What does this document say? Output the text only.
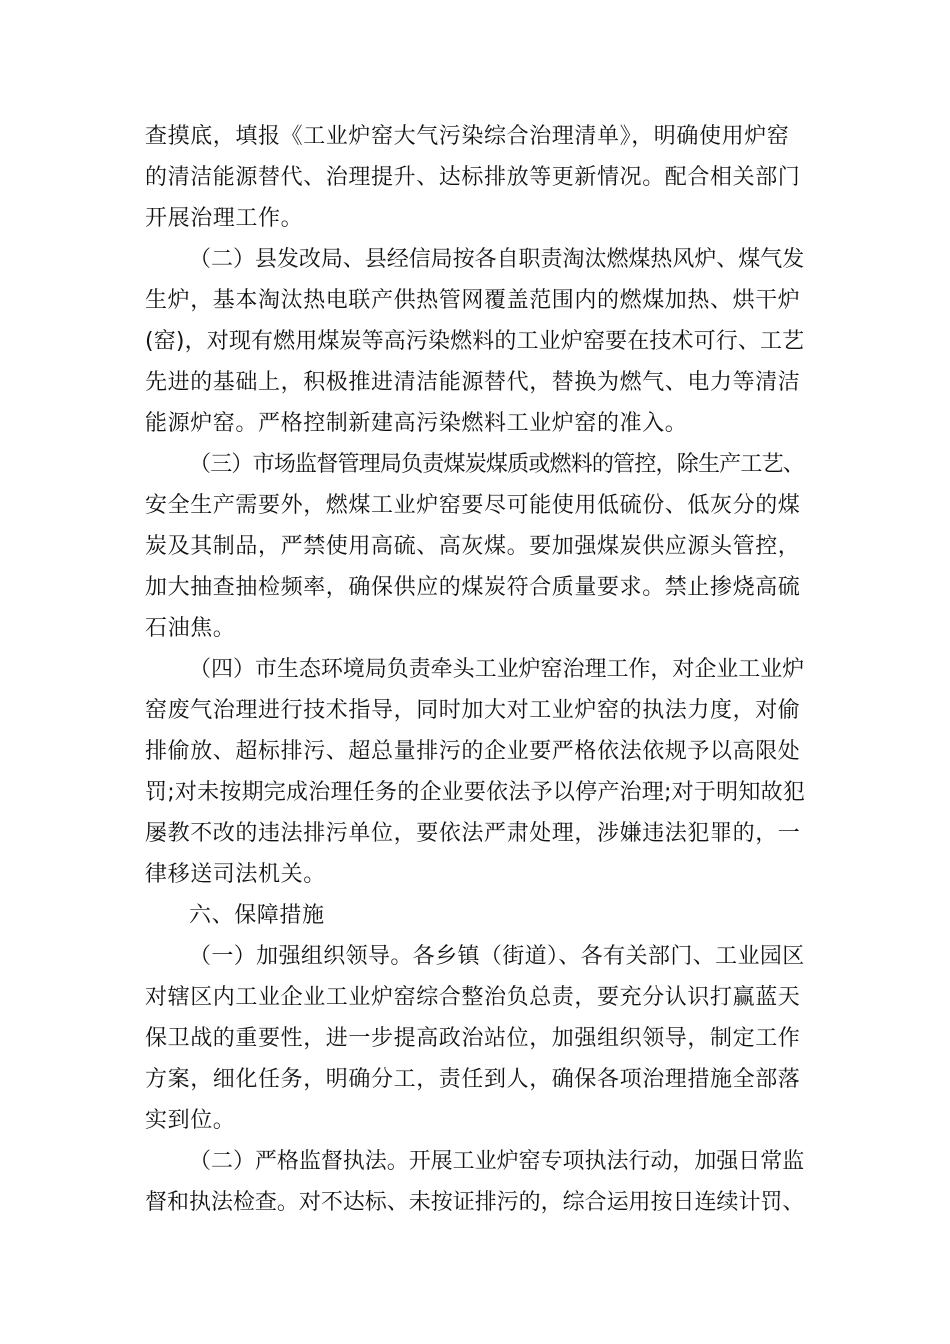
查摸底，填报《工业炉窑大气污染综合治理清单》，明确使用炉窑
的清洁能源替代、治理提升、达标排放等更新情况。配合相关部门
开展治理工作。
（二）县发改局、县经信局按各自职责淘汰燃煤热风炉、煤气发
生炉，基本淘汰热电联产供热管网覆盖范围内的燃煤加热、烘干炉
(窑)，对现有燃用煤炭等高污染燃料的工业炉窑要在技术可行、工艺
先进的基础上，积极推进清洁能源替代，替换为燃气、电力等清洁
能源炉窑。严格控制新建高污染燃料工业炉窑的准入。
（三）市场监督管理局负责煤炭煤质或燃料的管控，除生产工艺、
安全生产需要外，燃煤工业炉窑要尽可能使用低硫份、低灰分的煤
炭及其制品，严禁使用高硫、高灰煤。要加强煤炭供应源头管控，
加大抽查抽检频率，确保供应的煤炭符合质量要求。禁止掺烧高硫
石油焦。
（四）市生态环境局负责牵头工业炉窑治理工作，对企业工业炉
窑废气治理进行技术指导，同时加大对工业炉窑的执法力度，对偷
排偷放、超标排污、超总量排污的企业要严格依法依规予以高限处
罚;对未按期完成治理任务的企业要依法予以停产治理;对于明知故犯
屡教不改的违法排污单位，要依法严肃处理，涉嫌违法犯罪的，一
律移送司法机关。
六、保障措施
（一）加强组织领导。各乡镇（街道）、各有关部门、工业园区
对辖区内工业企业工业炉窑综合整治负总责，要充分认识打赢蓝天
保卫战的重要性，进一步提高政治站位，加强组织领导，制定工作
方案，细化任务，明确分工，责任到人，确保各项治理措施全部落
实到位。
（二）严格监督执法。开展工业炉窑专项执法行动，加强日常监
督和执法检查。对不达标、未按证排污的，综合运用按日连续计罚、
